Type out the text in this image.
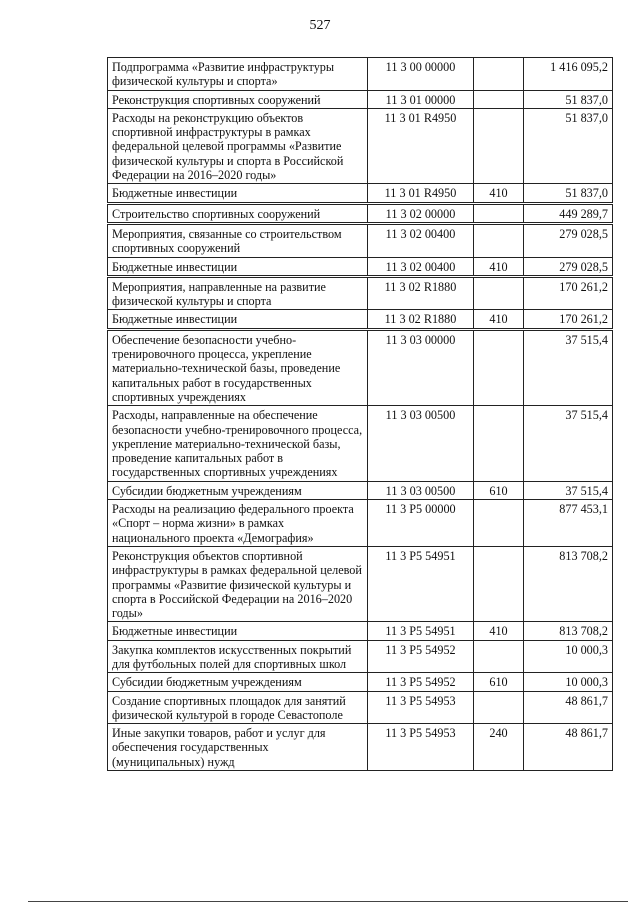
527
Подпрограмма «Развитие инфраструктуры физической культуры и спорта»	11 3 00 00000		1 416 095,2
Реконструкция спортивных сооружений	11 3 01 00000		51 837,0
Расходы на реконструкцию объектов спортивной инфраструктуры в рамках федеральной целевой программы «Развитие физической культуры и спорта в Российской Федерации на 2016–2020 годы»	11 3 01 R4950		51 837,0
Бюджетные инвестиции	11 3 01 R4950	410	51 837,0
Строительство спортивных сооружений	11 3 02 00000		449 289,7
Мероприятия, связанные со строительством спортивных сооружений	11 3 02 00400		279 028,5
Бюджетные инвестиции	11 3 02 00400	410	279 028,5
Мероприятия, направленные на развитие физической культуры и спорта	11 3 02 R1880		170 261,2
Бюджетные инвестиции	11 3 02 R1880	410	170 261,2
Обеспечение безопасности учебно-тренировочного процесса, укрепление материально-технической базы, проведение капитальных работ в государственных спортивных учреждениях	11 3 03 00000		37 515,4
Расходы, направленные на обеспечение безопасности учебно-тренировочного процесса, укрепление материально-технической базы, проведение капитальных работ в государственных спортивных учреждениях	11 3 03 00500		37 515,4
Субсидии бюджетным учреждениям	11 3 03 00500	610	37 515,4
Расходы на реализацию федерального проекта «Спорт – норма жизни» в рамках национального проекта «Демография»	11 3 P5 00000		877 453,1
Реконструкция объектов спортивной инфраструктуры в рамках федеральной целевой программы «Развитие физической культуры и спорта в Российской Федерации на 2016–2020 годы»	11 3 P5 54951		813 708,2
Бюджетные инвестиции	11 3 P5 54951	410	813 708,2
Закупка комплектов искусственных покрытий для футбольных полей для спортивных школ	11 3 P5 54952		10 000,3
Субсидии бюджетным учреждениям	11 3 P5 54952	610	10 000,3
Создание спортивных площадок для занятий физической культурой в городе Севастополе	11 3 P5 54953		48 861,7
Иные закупки товаров, работ и услуг для обеспечения государственных (муниципальных) нужд	11 3 P5 54953	240	48 861,7
